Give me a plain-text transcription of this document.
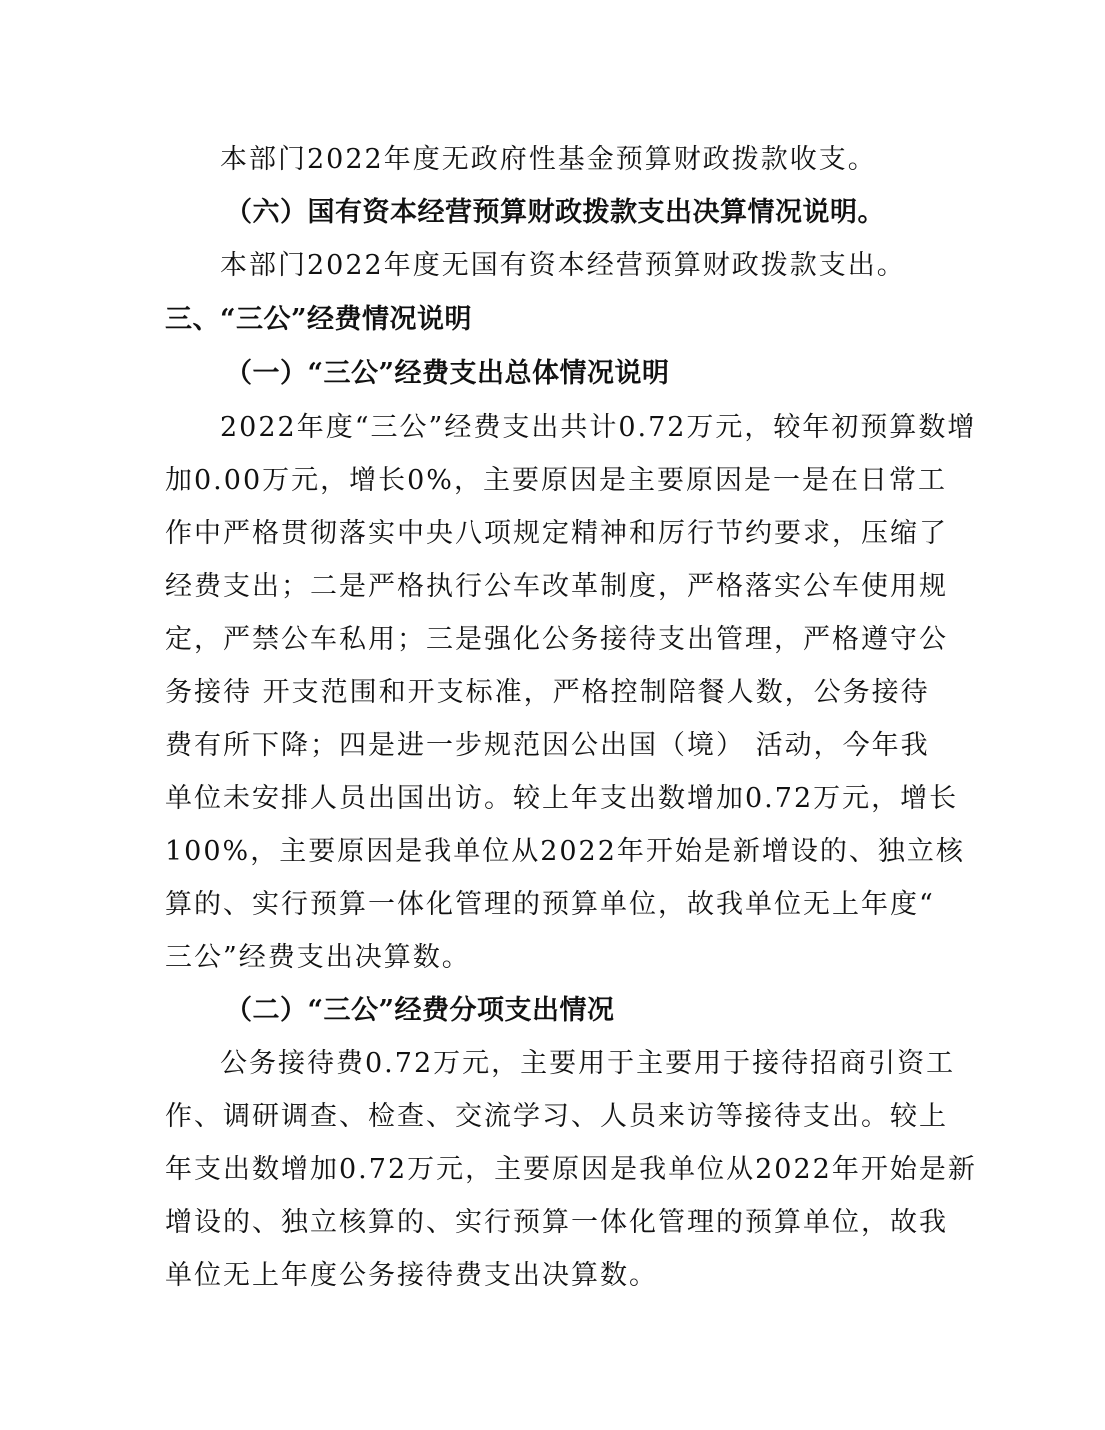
本部门2022年度无政府性基金预算财政拨款收支。
（六）国有资本经营预算财政拨款支出决算情况说明。
本部门2022年度无国有资本经营预算财政拨款支出。
三、“三公”经费情况说明
（一）“三公”经费支出总体情况说明
2022年度“三公”经费支出共计0.72万元，较年初预算数增
加0.00万元，增长0%，主要原因是主要原因是一是在日常工
作中严格贯彻落实中央八项规定精神和厉行节约要求，压缩了
经费支出；二是严格执行公车改革制度，严格落实公车使用规
定，严禁公车私用；三是强化公务接待支出管理，严格遵守公
务接待 开支范围和开支标准，严格控制陪餐人数，公务接待
费有所下降；四是进一步规范因公出国（境） 活动，今年我
单位未安排人员出国出访。较上年支出数增加0.72万元，增长
100%，主要原因是我单位从2022年开始是新增设的、独立核
算的、实行预算一体化管理的预算单位，故我单位无上年度“
三公”经费支出决算数。
（二）“三公”经费分项支出情况
公务接待费0.72万元，主要用于主要用于接待招商引资工
作、调研调查、检查、交流学习、人员来访等接待支出。较上
年支出数增加0.72万元，主要原因是我单位从2022年开始是新
增设的、独立核算的、实行预算一体化管理的预算单位，故我
单位无上年度公务接待费支出决算数。
